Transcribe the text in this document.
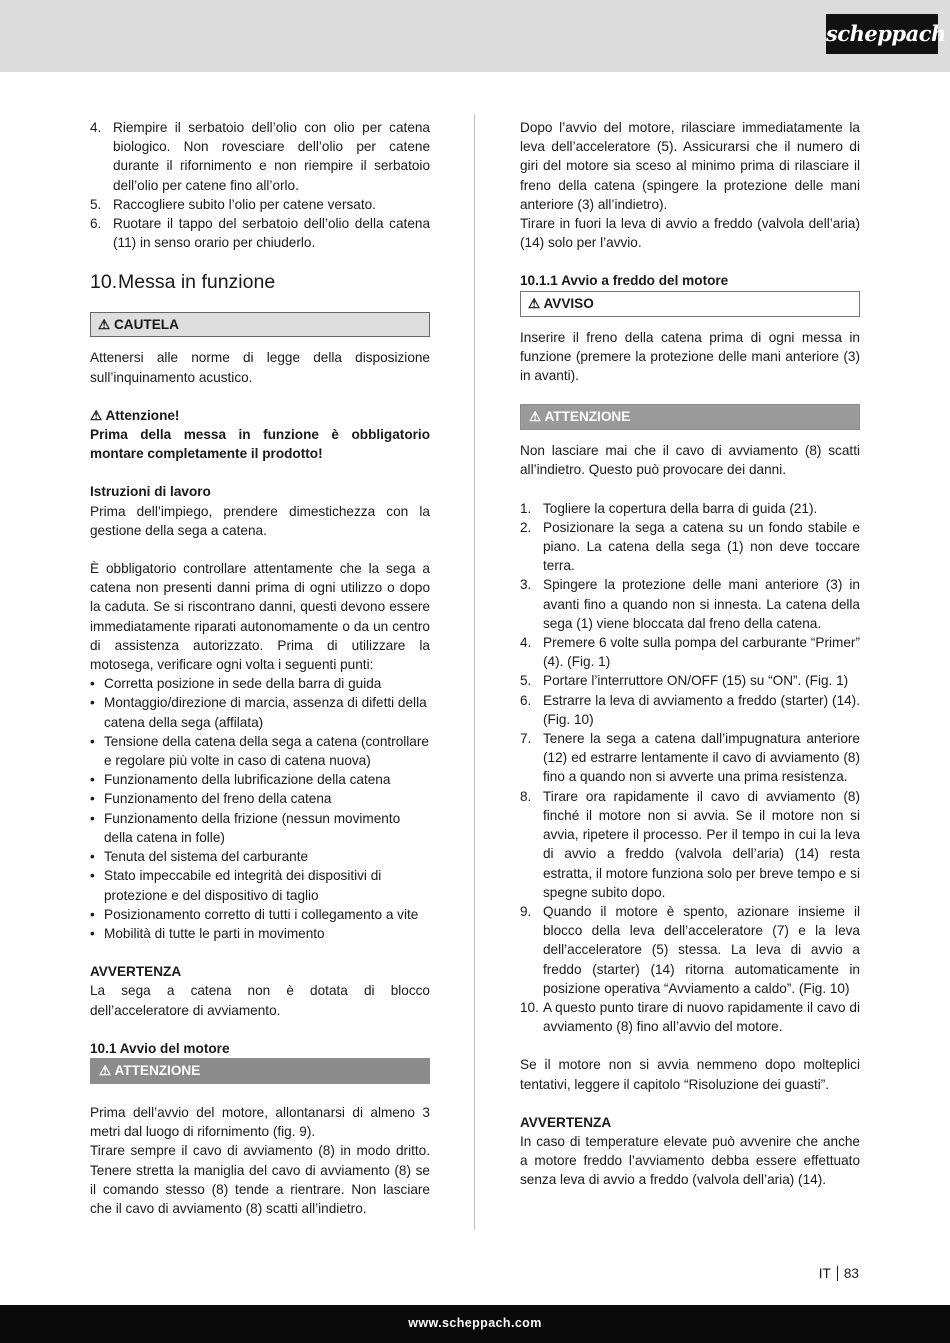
scheppach
4. Riempire il serbatoio dell’olio con olio per catena biologico. Non rovesciare dell’olio per catene durante il rifornimento e non riempire il serbatoio dell’olio per catene fino all’orlo.
5. Raccogliere subito l’olio per catene versato.
6. Ruotare il tappo del serbatoio dell’olio della catena (11) in senso orario per chiuderlo.
10.Messa in funzione
⚠ CAUTELA

Attenersi alle norme di legge della disposizione sull’inquinamento acustico.

⚠ Attenzione!

Prima della messa in funzione è obbligatorio montare completamente il prodotto!

Istruzioni di lavoro

Prima dell’impiego, prendere dimestichezza con la gestione della sega a catena.

È obbligatorio controllare attentamente che la sega a catena non presenti danni prima di ogni utilizzo o dopo la caduta. Se si riscontrano danni, questi devono essere immediatamente riparati autonomamente o da un centro di assistenza autorizzato. Prima di utilizzare la motosega, verificare ogni volta i seguenti punti:

• Corretta posizione in sede della barra di guida
• Montaggio/direzione di marcia, assenza di difetti della catena della sega (affilata)
• Tensione della catena della sega a catena (controllare e regolare più volte in caso di catena nuova)
• Funzionamento della lubrificazione della catena
• Funzionamento del freno della catena
• Funzionamento della frizione (nessun movimento della catena in folle)
• Tenuta del sistema del carburante
• Stato impeccabile ed integrità dei dispositivi di protezione e del dispositivo di taglio
• Posizionamento corretto di tutti i collegamento a vite
• Mobilità di tutte le parti in movimento
AVVERTENZA

La sega a catena non è dotata di blocco dell’acceleratore di avviamento.

10.1 Avvio del motore
⚠ ATTENZIONE

Prima dell’avvio del motore, allontanarsi di almeno 3 metri dal luogo di rifornimento (fig. 9).

Tirare sempre il cavo di avviamento (8) in modo dritto. Tenere stretta la maniglia del cavo di avviamento (8) se il comando stesso (8) tende a rientrare. Non lasciare che il cavo di avviamento (8) scatti all’indietro.

Dopo l’avvio del motore, rilasciare immediatamente la leva dell’acceleratore (5). Assicurarsi che il numero di giri del motore sia sceso al minimo prima di rilasciare il freno della catena (spingere la protezione delle mani anteriore (3) all’indietro).

Tirare in fuori la leva di avvio a freddo (valvola dell’aria) (14) solo per l’avvio.

10.1.1 Avvio a freddo del motore
⚠ AVVISO

Inserire il freno della catena prima di ogni messa in funzione (premere la protezione delle mani anteriore (3) in avanti).

⚠ ATTENZIONE

Non lasciare mai che il cavo di avviamento (8) scatti all’indietro. Questo può provocare dei danni.

1. Togliere la copertura della barra di guida (21).
2. Posizionare la sega a catena su un fondo stabile e piano. La catena della sega (1) non deve toccare terra.
3. Spingere la protezione delle mani anteriore (3) in avanti fino a quando non si innesta. La catena della sega (1) viene bloccata dal freno della catena.
4. Premere 6 volte sulla pompa del carburante “Primer” (4). (Fig. 1)
5. Portare l’interruttore ON/OFF (15) su “ON”. (Fig. 1)
6. Estrarre la leva di avviamento a freddo (starter) (14). (Fig. 10)
7. Tenere la sega a catena dall’impugnatura anteriore (12) ed estrarre lentamente il cavo di avviamento (8) fino a quando non si avverte una prima resistenza.
8. Tirare ora rapidamente il cavo di avviamento (8) finché il motore non si avvia. Se il motore non si avvia, ripetere il processo. Per il tempo in cui la leva di avvio a freddo (valvola dell’aria) (14) resta estratta, il motore funziona solo per breve tempo e si spegne subito dopo.
9. Quando il motore è spento, azionare insieme il blocco della leva dell’acceleratore (7) e la leva dell’acceleratore (5) stessa. La leva di avvio a freddo (starter) (14) ritorna automaticamente in posizione operativa “Avviamento a caldo”. (Fig. 10)
10. A questo punto tirare di nuovo rapidamente il cavo di avviamento (8) fino all’avvio del motore.

Se il motore non si avvia nemmeno dopo molteplici tentativi, leggere il capitolo “Risoluzione dei guasti”.

AVVERTENZA

In caso di temperature elevate può avvenire che anche a motore freddo l’avviamento debba essere effettuato senza leva di avvio a freddo (valvola dell’aria) (14).

IT 83
www.scheppach.com
